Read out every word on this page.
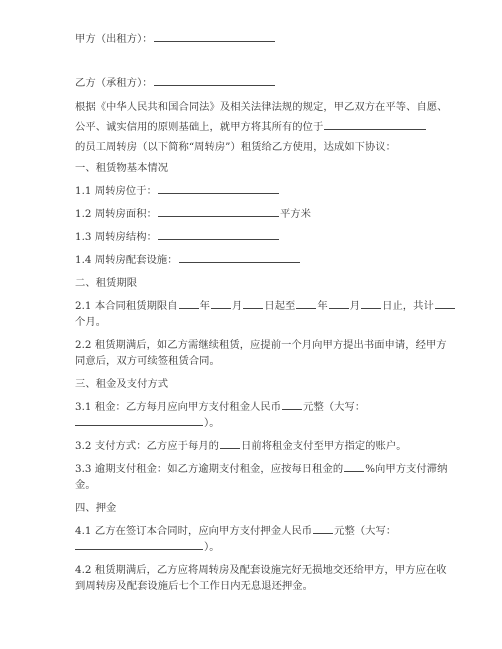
甲方（出租方）：
乙方（承租方）：
根据《中华人民共和国合同法》及相关法律法规的规定，甲乙双方在平等、自愿、
公平、诚实信用的原则基础上，就甲方将其所有的位于
的员工周转房（以下简称“周转房”）租赁给乙方使用，达成如下协议：
一、租赁物基本情况
1.1 周转房位于：
1.2 周转房面积：	平方米
1.3 周转房结构：
1.4 周转房配套设施：
二、租赁期限
2.1 本合同租赁期限自 年 月 日起至 年 月 日止，共计
个月。
2.2 租赁期满后，如乙方需继续租赁，应提前一个月向甲方提出书面申请，经甲方
同意后，双方可续签租赁合同。
三、租金及支付方式
3.1 租金：乙方每月应向甲方支付租金人民币 元整（大写：
）。
3.2 支付方式：乙方应于每月的 日前将租金支付至甲方指定的账户。
3.3 逾期支付租金：如乙方逾期支付租金，应按每日租金的 %向甲方支付滞纳
金。
四、押金
4.1 乙方在签订本合同时，应向甲方支付押金人民币 元整（大写：
）。
4.2 租赁期满后，乙方应将周转房及配套设施完好无损地交还给甲方，甲方应在收
到周转房及配套设施后七个工作日内无息退还押金。
